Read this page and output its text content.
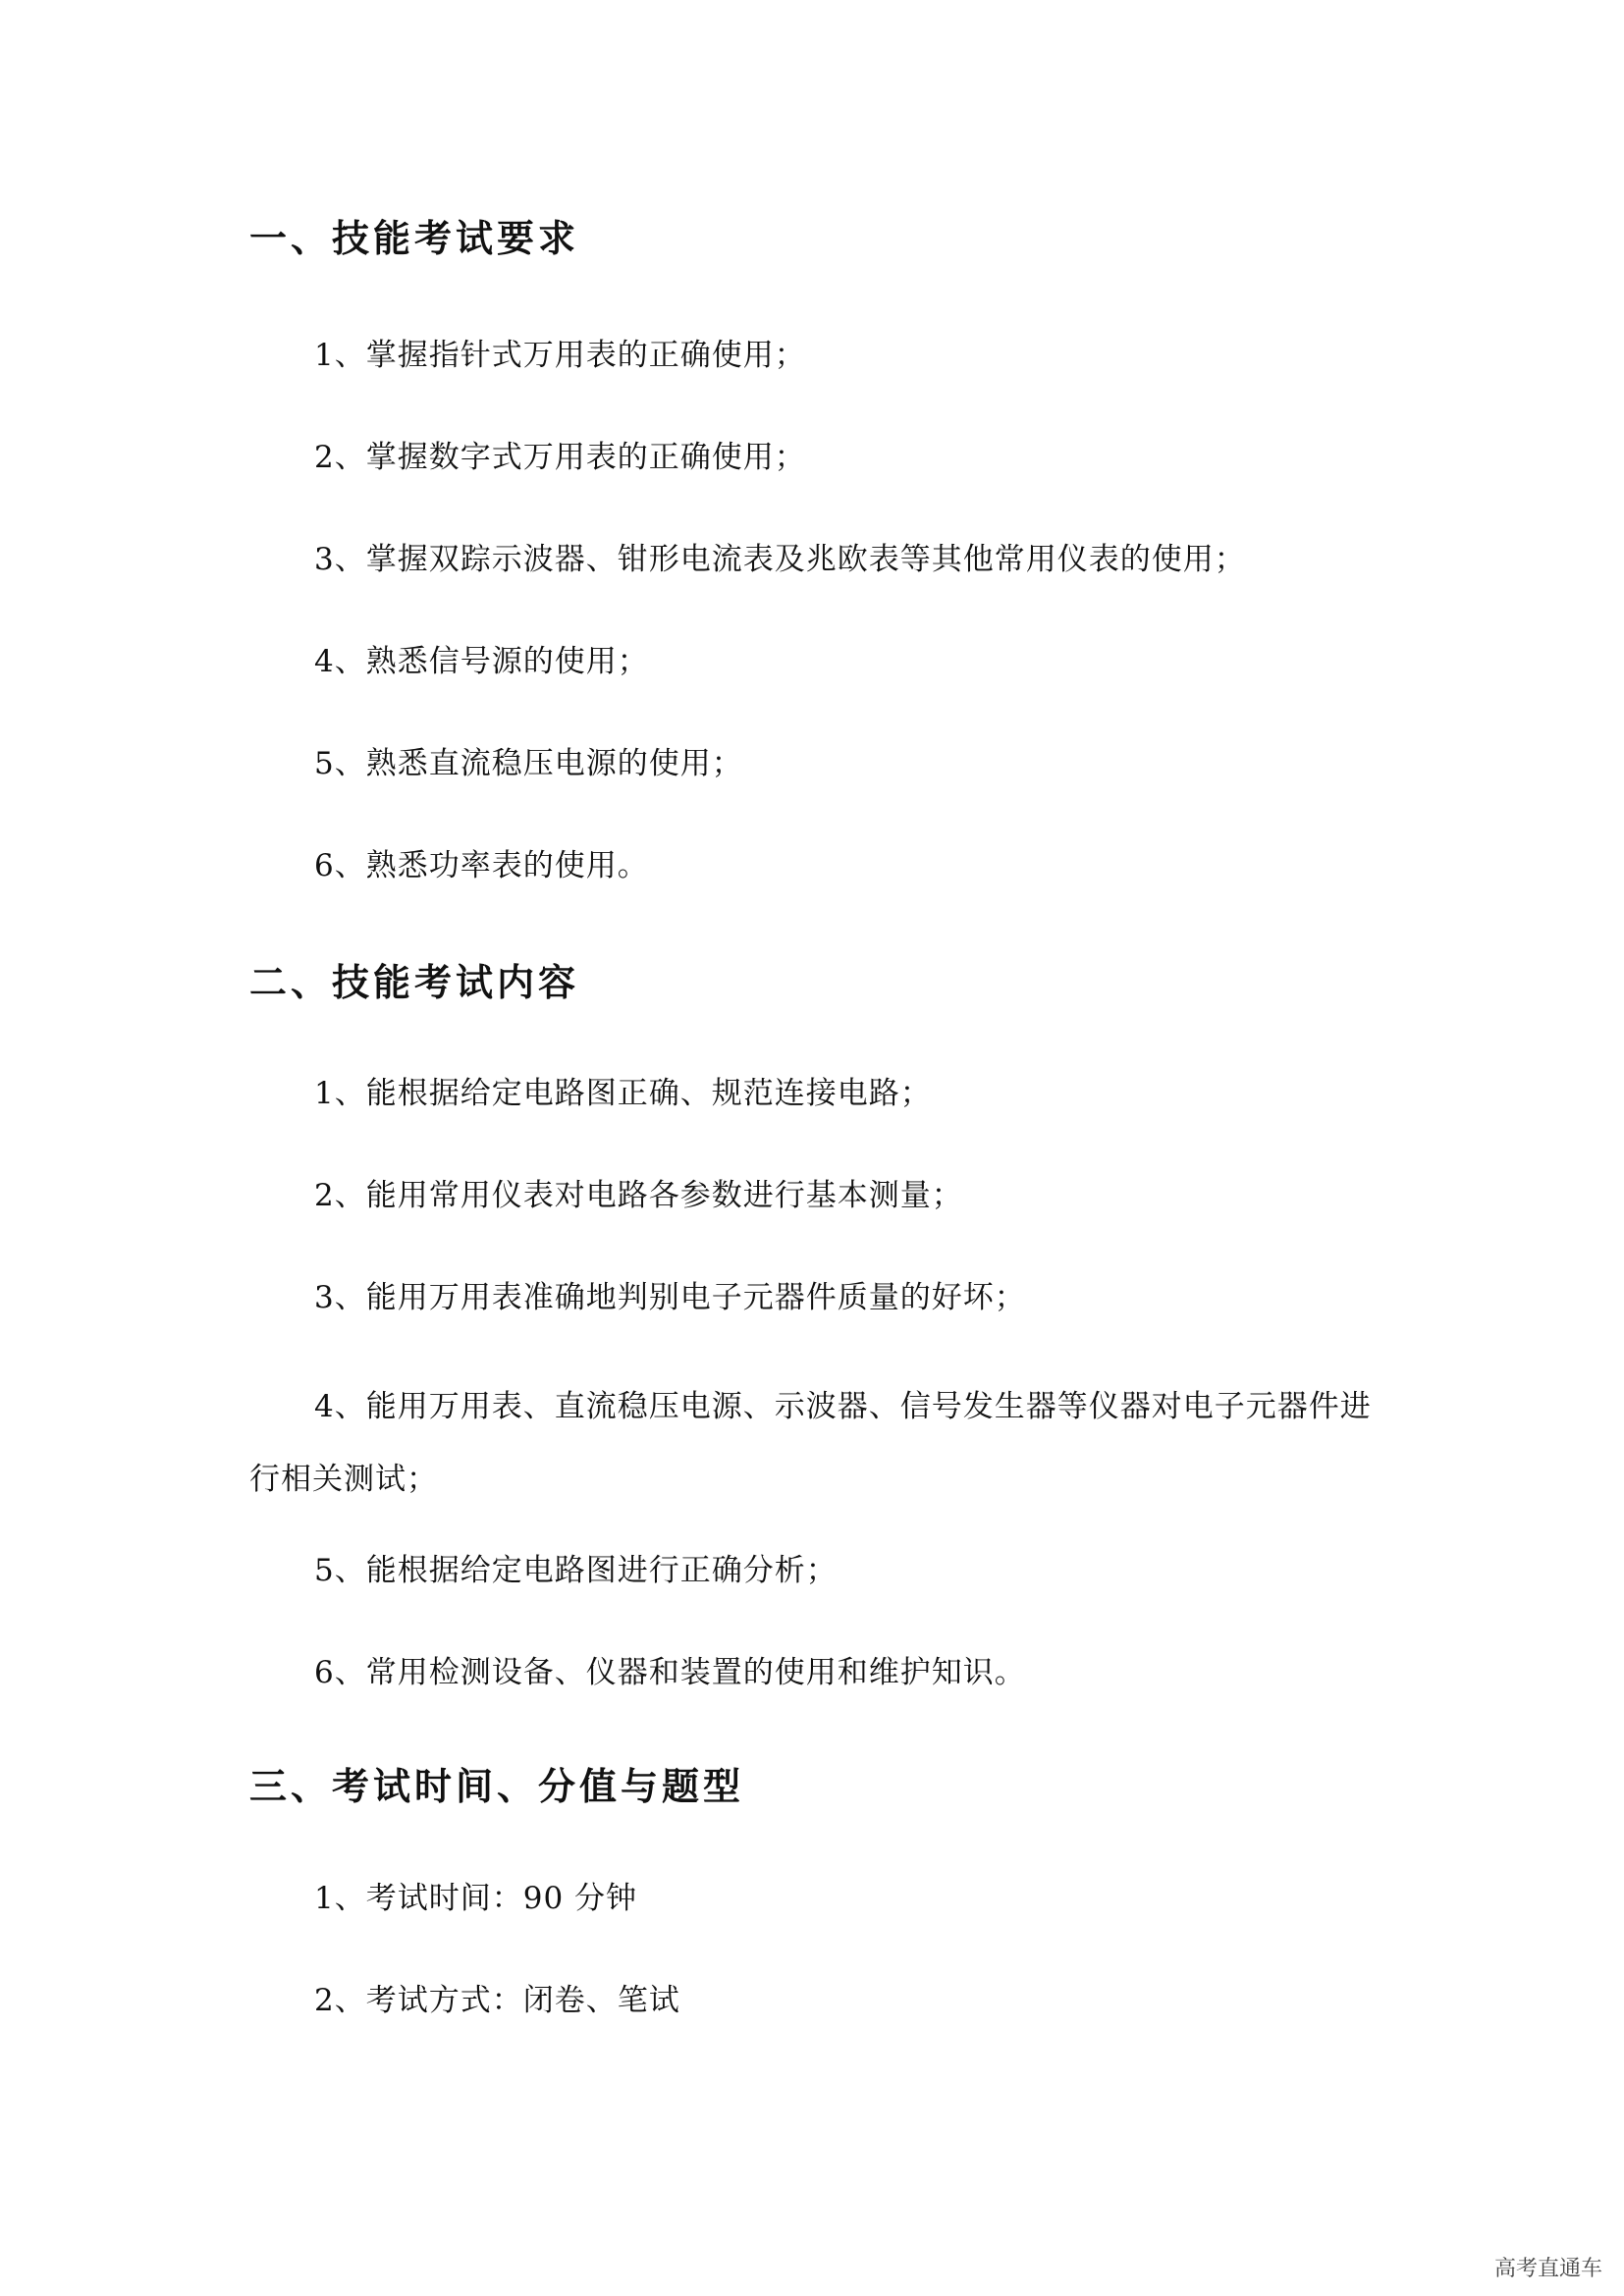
一、技能考试要求
1、掌握指针式万用表的正确使用；
2、掌握数字式万用表的正确使用；
3、掌握双踪示波器、钳形电流表及兆欧表等其他常用仪表的使用；
4、熟悉信号源的使用；
5、熟悉直流稳压电源的使用；
6、熟悉功率表的使用。
二、技能考试内容
1、能根据给定电路图正确、规范连接电路；
2、能用常用仪表对电路各参数进行基本测量；
3、能用万用表准确地判别电子元器件质量的好坏；
4、能用万用表、直流稳压电源、示波器、信号发生器等仪器对电子元器件进行相关测试；
5、能根据给定电路图进行正确分析；
6、常用检测设备、仪器和装置的使用和维护知识。
三、考试时间、分值与题型
1、考试时间：90 分钟
2、考试方式：闭卷、笔试
高考直通车
